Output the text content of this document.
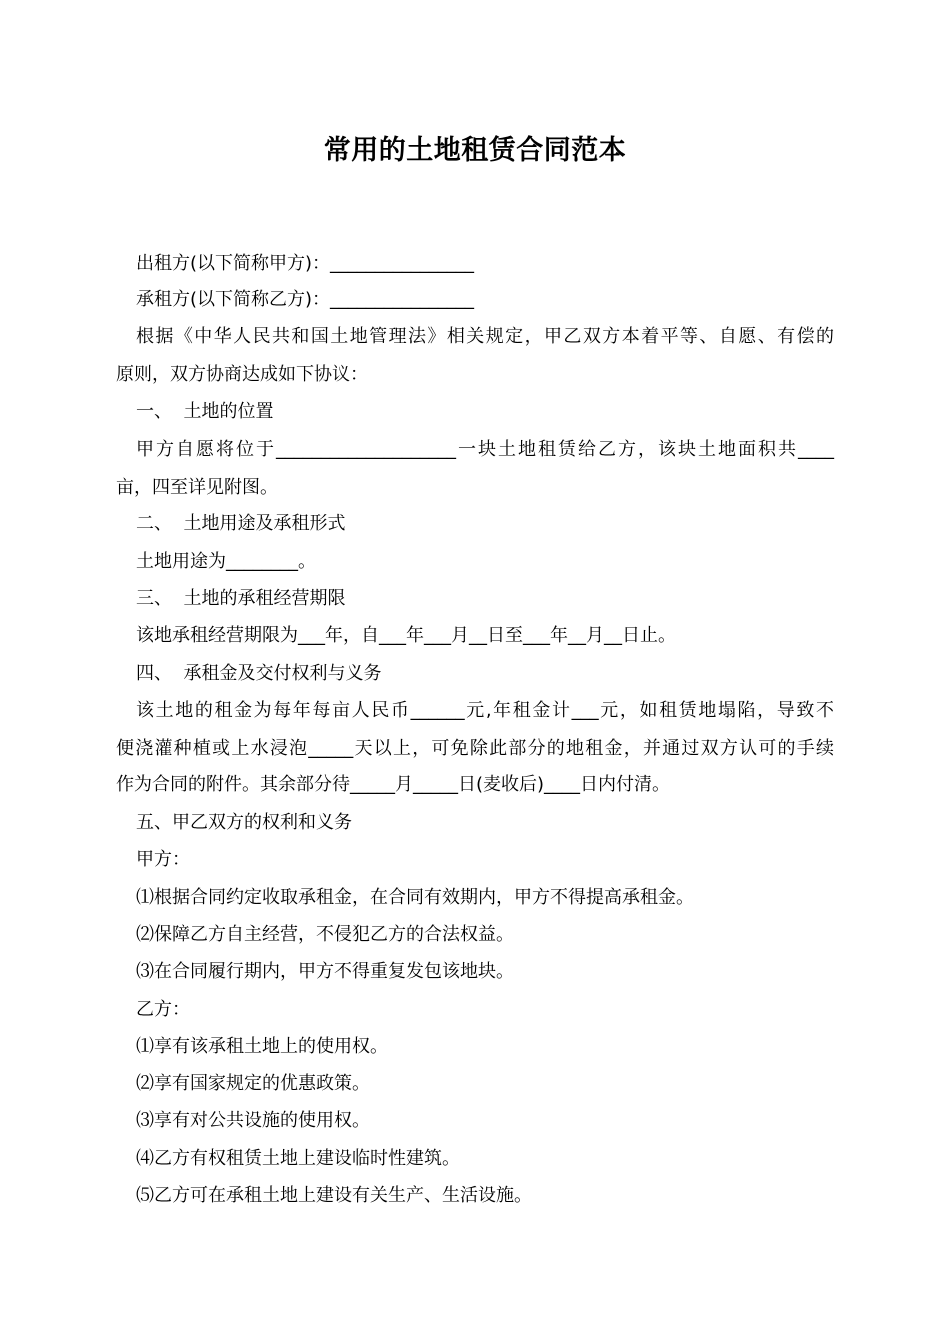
常用的土地租赁合同范本
出租方(以下简称甲方)：________________
承租方(以下简称乙方)：________________
根据《中华人民共和国土地管理法》相关规定，甲乙双方本着平等、自愿、有偿的
原则，双方协商达成如下协议：
一、  土地的位置
甲方自愿将位于____________________一块土地租赁给乙方，该块土地面积共____
亩，四至详见附图。
二、  土地用途及承租形式
土地用途为________。
三、  土地的承租经营期限
该地承租经营期限为___年，自___年___月__日至___年__月__日止。
四、  承租金及交付权利与义务
该土地的租金为每年每亩人民币______元,年租金计___元，如租赁地塌陷，导致不
便浇灌种植或上水浸泡_____天以上，可免除此部分的地租金，并通过双方认可的手续
作为合同的附件。其余部分待_____月_____日(麦收后)____日内付清。
五、甲乙双方的权利和义务
甲方：
⑴根据合同约定收取承租金，在合同有效期内，甲方不得提高承租金。
⑵保障乙方自主经营，不侵犯乙方的合法权益。
⑶在合同履行期内，甲方不得重复发包该地块。
乙方：
⑴享有该承租土地上的使用权。
⑵享有国家规定的优惠政策。
⑶享有对公共设施的使用权。
⑷乙方有权租赁土地上建设临时性建筑。
⑸乙方可在承租土地上建设有关生产、生活设施。
